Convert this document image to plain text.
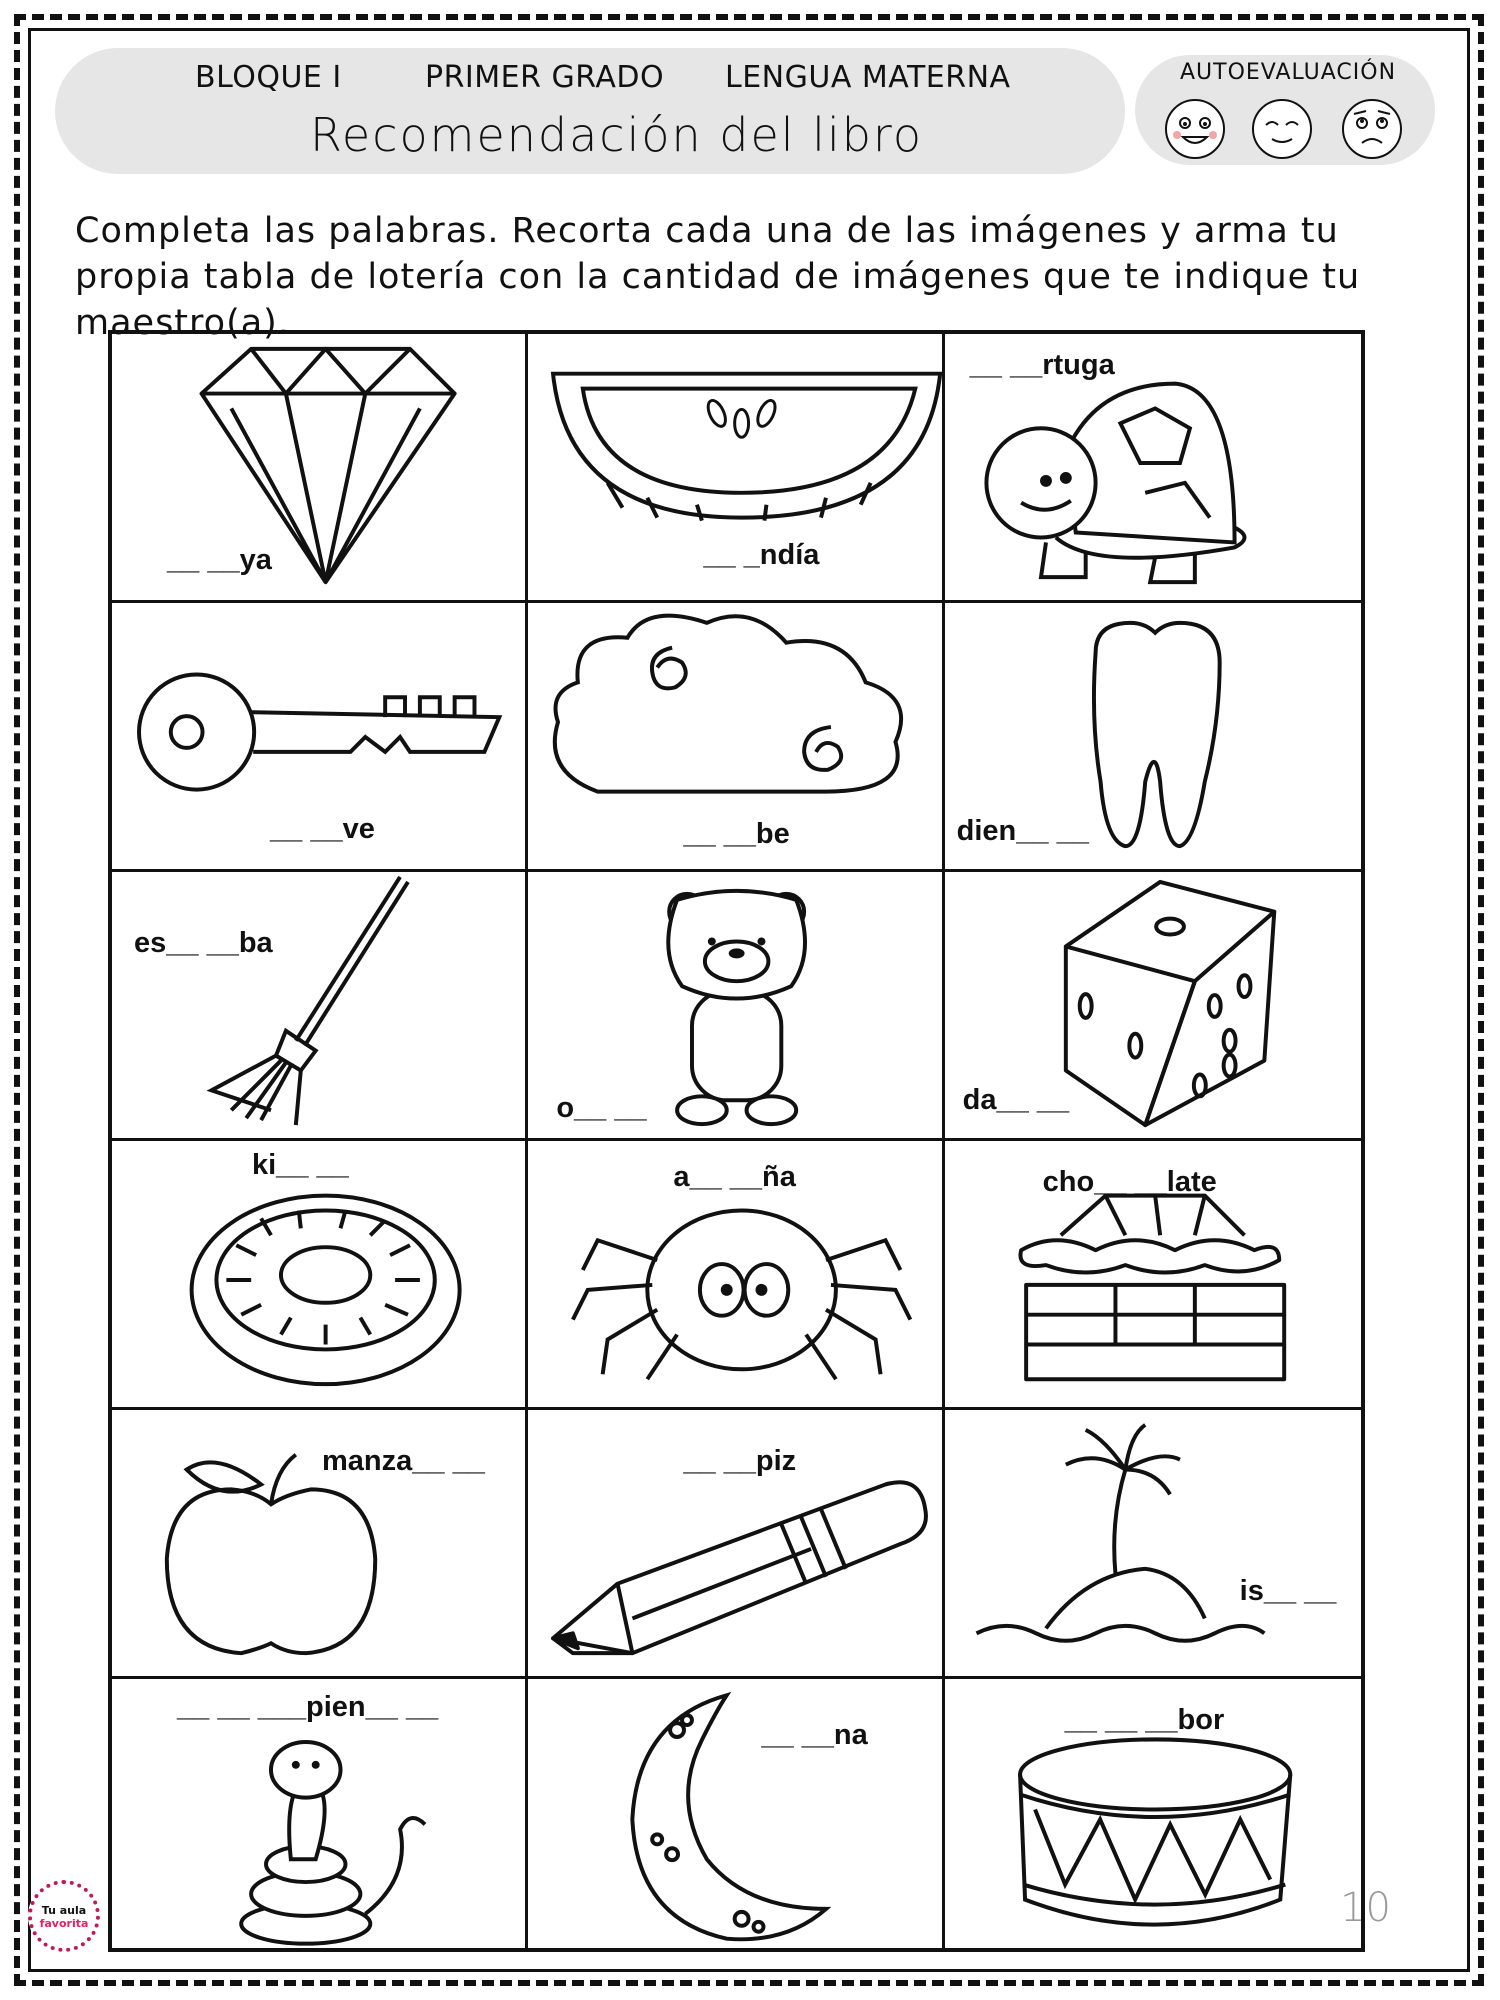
BLOQUE I	PRIMER GRADO LENGUA MATERNA
Recomendación del libro
AUTOEVALUACIÓN
Completa las palabras. Recorta cada una de las imágenes y arma tu propia tabla de lotería con la cantidad de imágenes que te indique tu maestro(a).
__ __ya	__ _ndía
__ __rtuga
__ __ve	__ __be	dien__ __
es__ __ba
o__ __	da__ __
ki__ __	a__ __ña	cho__ __late
manza__ __	__ __piz
is__ __
__ __ ___pien__ __
__ __na	__ __ __bor
Tu aula
favorita	10
